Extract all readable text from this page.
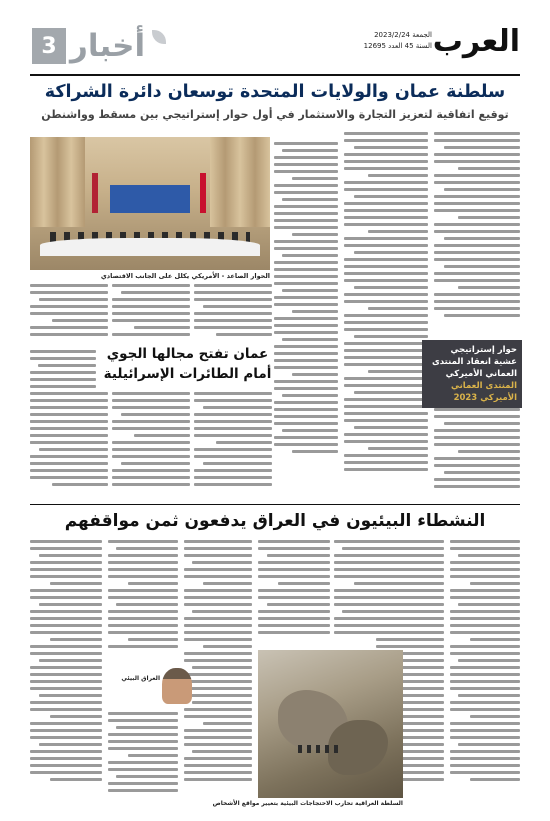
العرب
الجمعة 2023/2/24
السنة 45 العدد 12695
3 أخبار
سلطنة عمان والولايات المتحدة توسعان دائرة الشراكة
توقيع اتفاقية لتعزيز التجارة والاستثمار في أول حوار إستراتيجي بين مسقط وواشنطن
الحوار الصاعد - الأمريكي يكلل على الجانب الاقتصادي
حوار إستراتيجي عشية انعقاد المنتدى العماني الأميركي
المنتدى العماني الأميركي 2023
عمان تفتح مجالها الجوي أمام الطائرات الإسرائيلية
النشطاء البيئيون في العراق يدفعون ثمن مواقفهم
العراق البيئي
السلطة العراقية تحارب الاحتجاجات البيئية بتغيير مواقع الأشخاص
